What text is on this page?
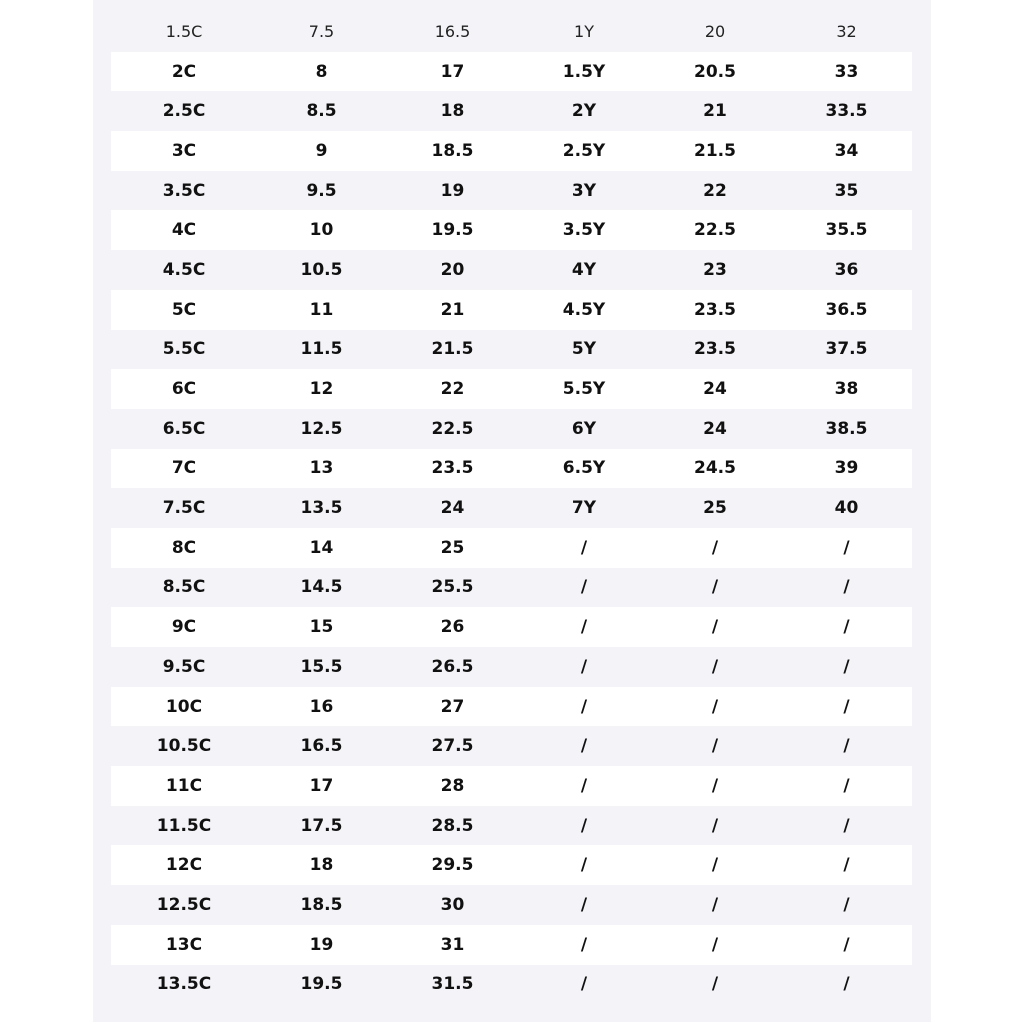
1.5C	7.5	16.5	1Y	20	32
2C	8	17	1.5Y	20.5	33
2.5C	8.5	18	2Y	21	33.5
3C	9	18.5	2.5Y	21.5	34
3.5C	9.5	19	3Y	22	35
4C	10	19.5	3.5Y	22.5	35.5
4.5C	10.5	20	4Y	23	36
5C	11	21	4.5Y	23.5	36.5
5.5C	11.5	21.5	5Y	23.5	37.5
6C	12	22	5.5Y	24	38
6.5C	12.5	22.5	6Y	24	38.5
7C	13	23.5	6.5Y	24.5	39
7.5C	13.5	24	7Y	25	40
8C	14	25	/	/	/
8.5C	14.5	25.5	/	/	/
9C	15	26	/	/	/
9.5C	15.5	26.5	/	/	/
10C	16	27	/	/	/
10.5C	16.5	27.5	/	/	/
11C	17	28	/	/	/
11.5C	17.5	28.5	/	/	/
12C	18	29.5	/	/	/
12.5C	18.5	30	/	/	/
13C	19	31	/	/	/
13.5C	19.5	31.5	/	/	/
